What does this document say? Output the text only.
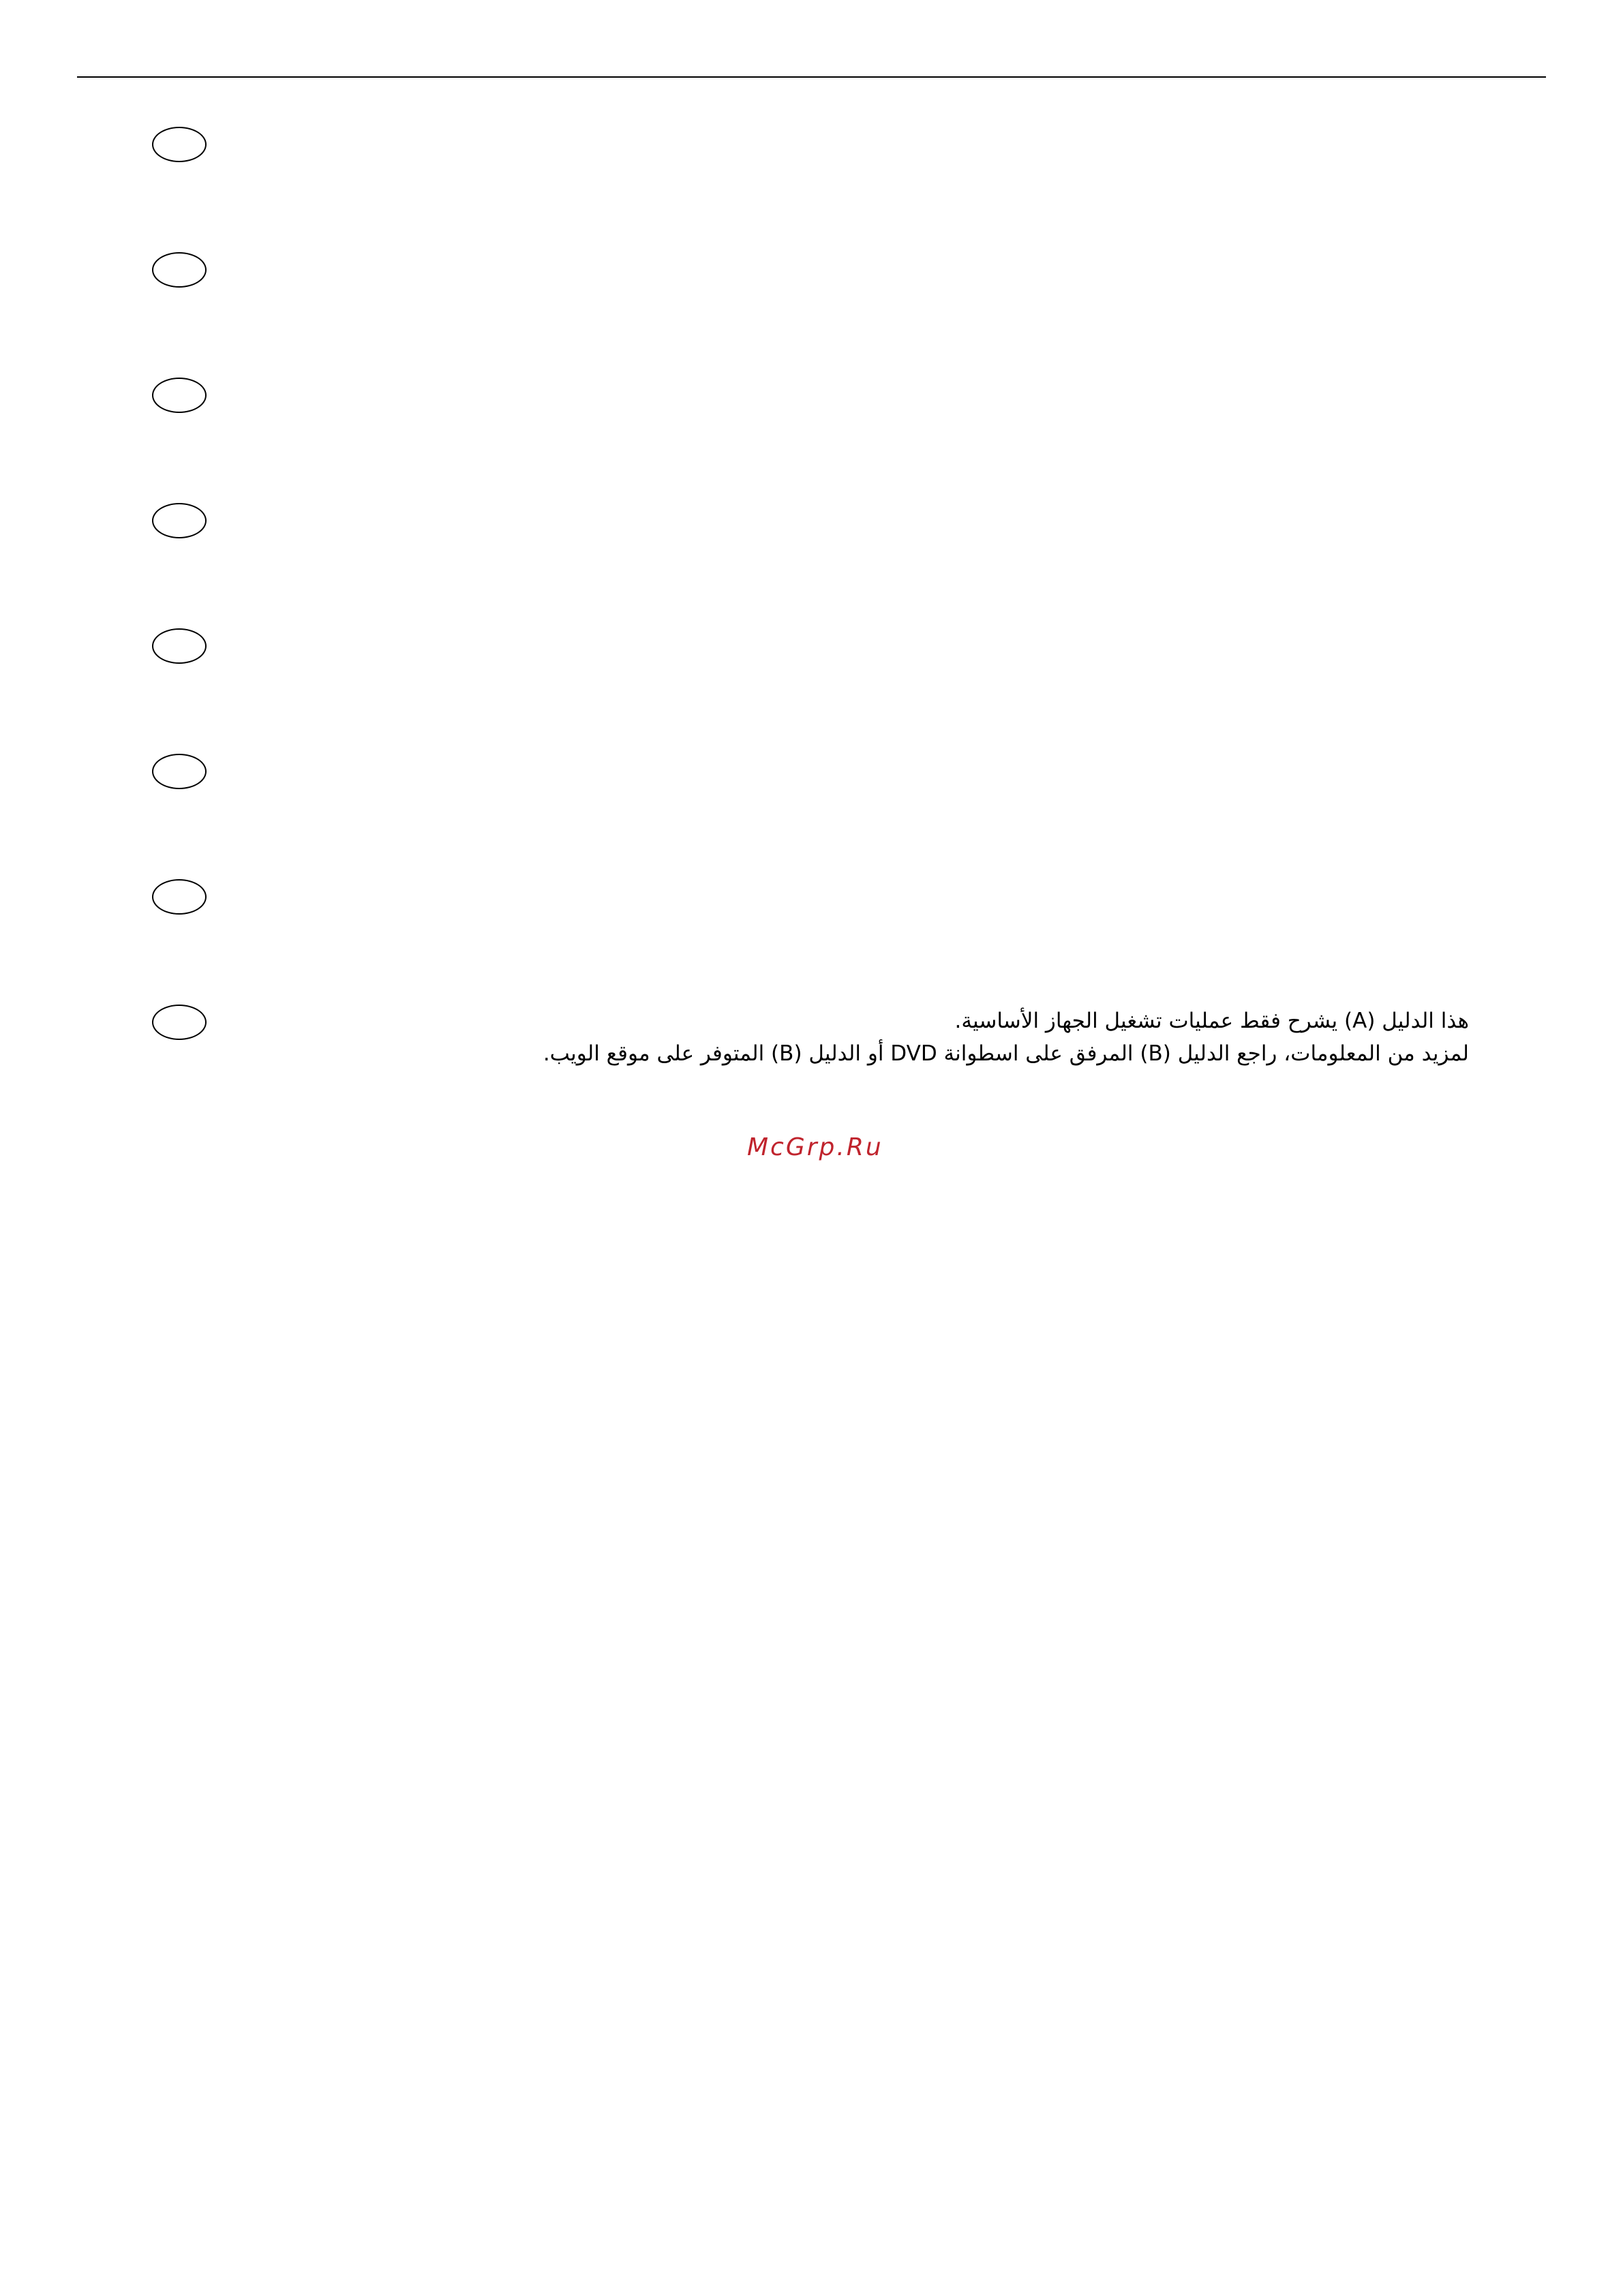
هذا الدليل (A) يشرح فقط عمليات تشغيل الجهاز الأساسية.
لمزيد من المعلومات، راجع الدليل (B) المرفق على اسطوانة DVD أو الدليل (B) المتوفر على موقع الويب.
McGrp.Ru
